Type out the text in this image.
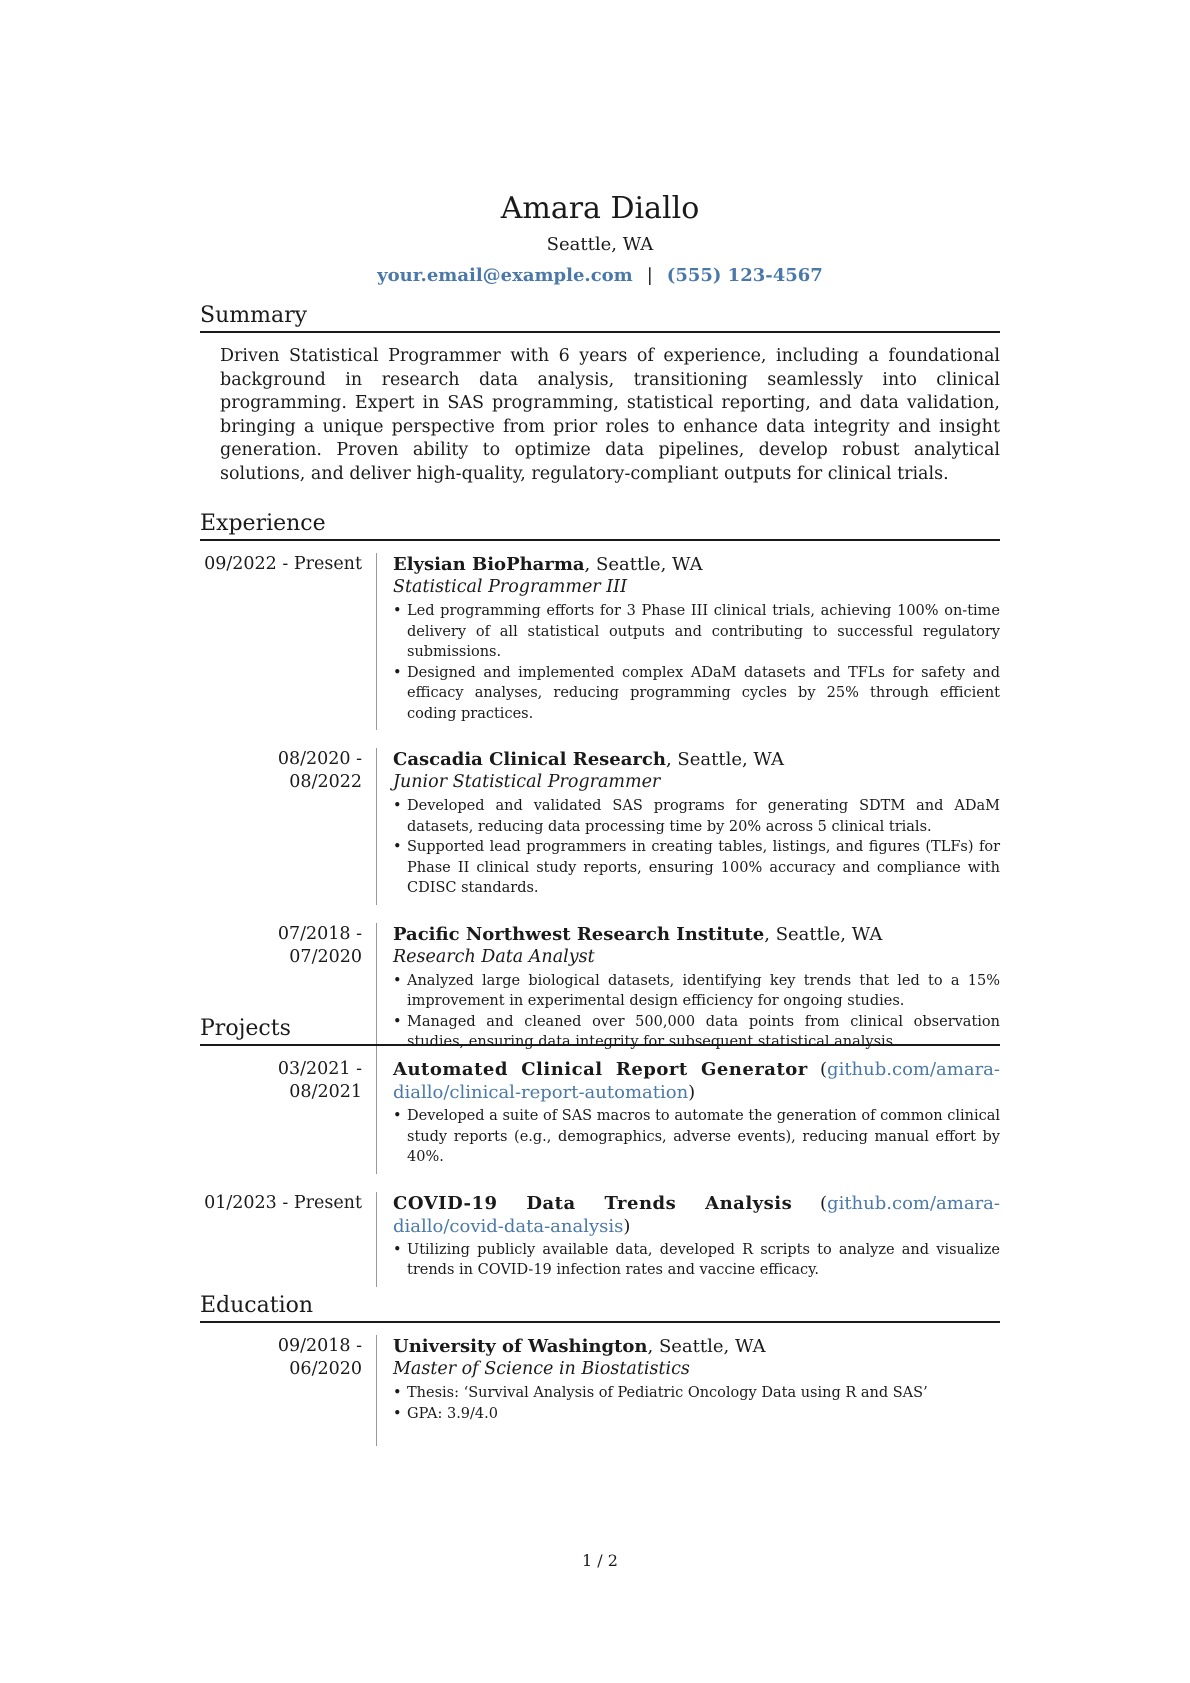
Amara Diallo
Seattle, WA
your.email@example.com | (555) 123-4567
Summary

Driven Statistical Programmer with 6 years of experience, including a foundational background in research data analysis, transitioning seamlessly into clinical programming. Expert in SAS programming, statistical reporting, and data validation, bringing a unique perspective from prior roles to enhance data integrity and insight generation. Proven ability to optimize data pipelines, develop robust analytical solutions, and deliver high-quality, regulatory-compliant outputs for clinical trials.

Experience
09/2022 - Present	Elysian BioPharma, Seattle, WA
Statistical Programmer III
• Led programming efforts for 3 Phase III clinical trials, achieving 100% on-time delivery of all statistical outputs and contributing to successful regulatory submissions.
• Designed and implemented complex ADaM datasets and TFLs for safety and efficacy analyses, reducing programming cycles by 25% through efficient coding practices.
08/2020 - 08/2022
Cascadia Clinical Research, Seattle, WA
Junior Statistical Programmer
• Developed and validated SAS programs for generating SDTM and ADaM datasets, reducing data processing time by 20% across 5 clinical trials.
• Supported lead programmers in creating tables, listings, and figures (TLFs) for Phase II clinical study reports, ensuring 100% accuracy and compliance with CDISC standards.
07/2018 - 07/2020
Pacific Northwest Research Institute, Seattle, WA
Research Data Analyst
• Analyzed large biological datasets, identifying key trends that led to a 15% improvement in experimental design efficiency for ongoing studies.
• Managed and cleaned over 500,000 data points from clinical observation studies, ensuring data integrity for subsequent statistical analysis.
Projects
03/2021 - 08/2021
Automated Clinical Report Generator (github.com/amara-diallo/clinical-report-automation)
• Developed a suite of SAS macros to automate the generation of common clinical study reports (e.g., demographics, adverse events), reducing manual effort by 40%.
01/2023 - Present	COVID-19 Data Trends Analysis (github.com/amara-diallo/covid-data-analysis)
• Utilizing publicly available data, developed R scripts to analyze and visualize trends in COVID-19 infection rates and vaccine efficacy.
Education
09/2018 - 06/2020
University of Washington, Seattle, WA
Master of Science in Biostatistics
• Thesis: ‘Survival Analysis of Pediatric Oncology Data using R and SAS’
• GPA: 3.9/4.0
1 / 2
